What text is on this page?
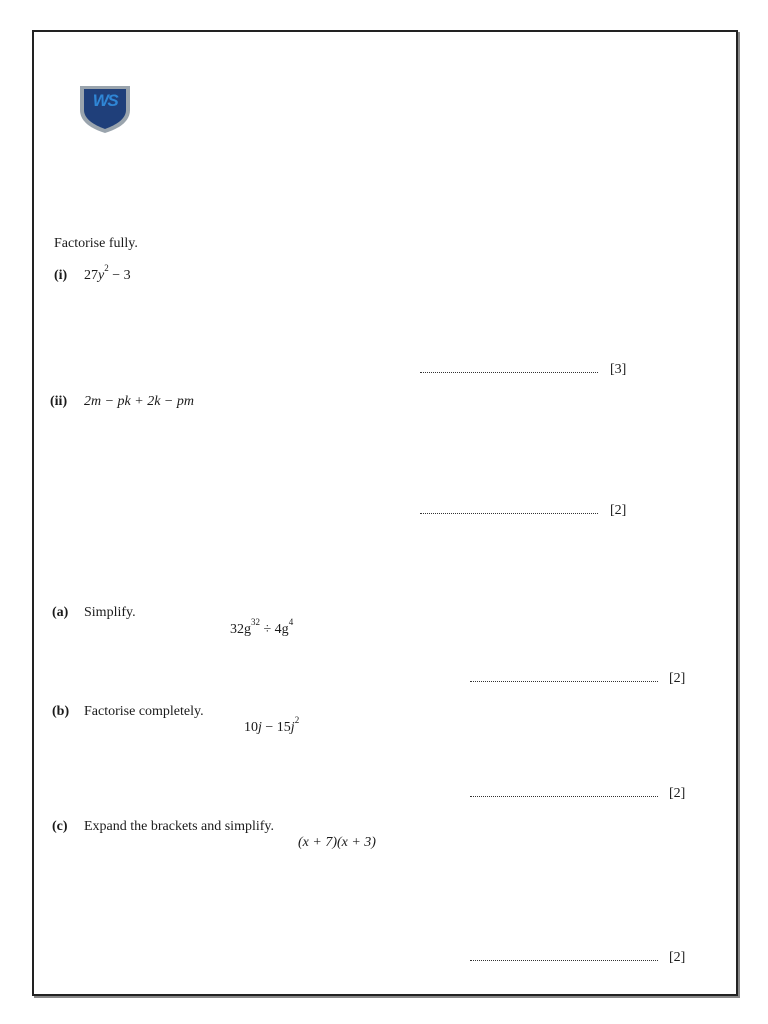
WS
Factorise fully.
(i) $27y^2 - 3$
[3]
(ii) 2m − pk + 2k − pm
[2]
(a) Simplify.
$32g^{32} \div 4g^4$
[2]
(b) Factorise completely.
$10j - 15j^2$
[2]
(c) Expand the brackets and simplify.
(x + 7)(x + 3)
[2]
